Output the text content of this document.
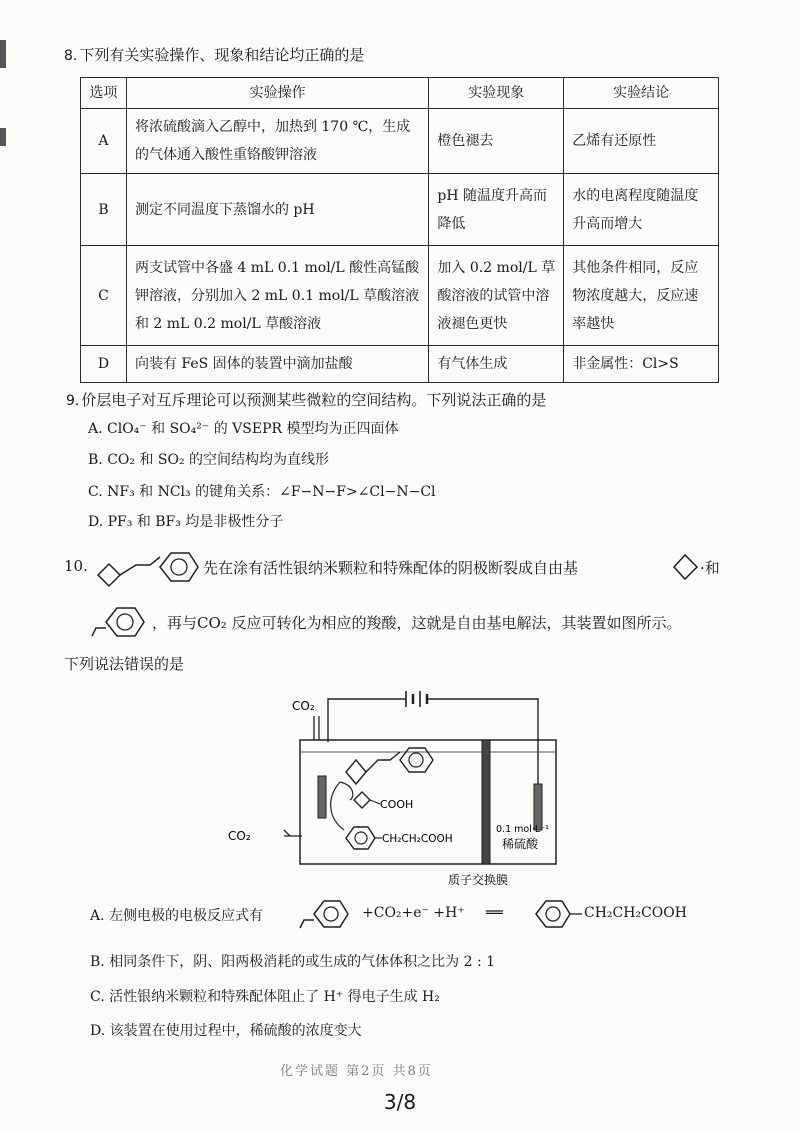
8. 下列有关实验操作、现象和结论均正确的是
选项	实验操作	实验现象	实验结论
A	将浓硫酸滴入乙醇中，加热到 170 ℃，生成的气体通入酸性重铬酸钾溶液	橙色褪去	乙烯有还原性
B	测定不同温度下蒸馏水的 pH	pH 随温度升高而降低	水的电离程度随温度升高而增大
C	两支试管中各盛 4 mL 0.1 mol/L 酸性高锰酸钾溶液，分别加入 2 mL 0.1 mol/L 草酸溶液和 2 mL 0.2 mol/L 草酸溶液	加入 0.2 mol/L 草酸溶液的试管中溶液褪色更快	其他条件相同，反应物浓度越大，反应速率越快
D	向装有 FeS 固体的装置中滴加盐酸	有气体生成	非金属性：Cl>S
9. 价层电子对互斥理论可以预测某些微粒的空间结构。下列说法正确的是
A. ClO₄⁻ 和 SO₄²⁻ 的 VSEPR 模型均为正四面体
B. CO₂ 和 SO₂ 的空间结构均为直线形
C. NF₃ 和 NCl₃ 的键角关系：∠F−N−F>∠Cl−N−Cl
D. PF₃ 和 BF₃ 均是非极性分子
10.	先在涂有活性银纳米颗粒和特殊配体的阴极断裂成自由基	·和
，再与CO₂ 反应可转化为相应的羧酸，这就是自由基电解法，其装置如图所示。
下列说法错误的是
CO₂
CO₂
COOH
CH₂CH₂COOH
0.1 mol·L⁻¹
稀硫酸
质子交换膜
A. 左侧电极的电极反应式有	+CO₂+e⁻ +H⁺ ══	CH₂CH₂COOH
B. 相同条件下，阴、阳两极消耗的或生成的气体体积之比为 2 : 1
C. 活性银纳米颗粒和特殊配体阻止了 H⁺ 得电子生成 H₂
D. 该装置在使用过程中，稀硫酸的浓度变大
化学试题 第2页 共8页
3/8
